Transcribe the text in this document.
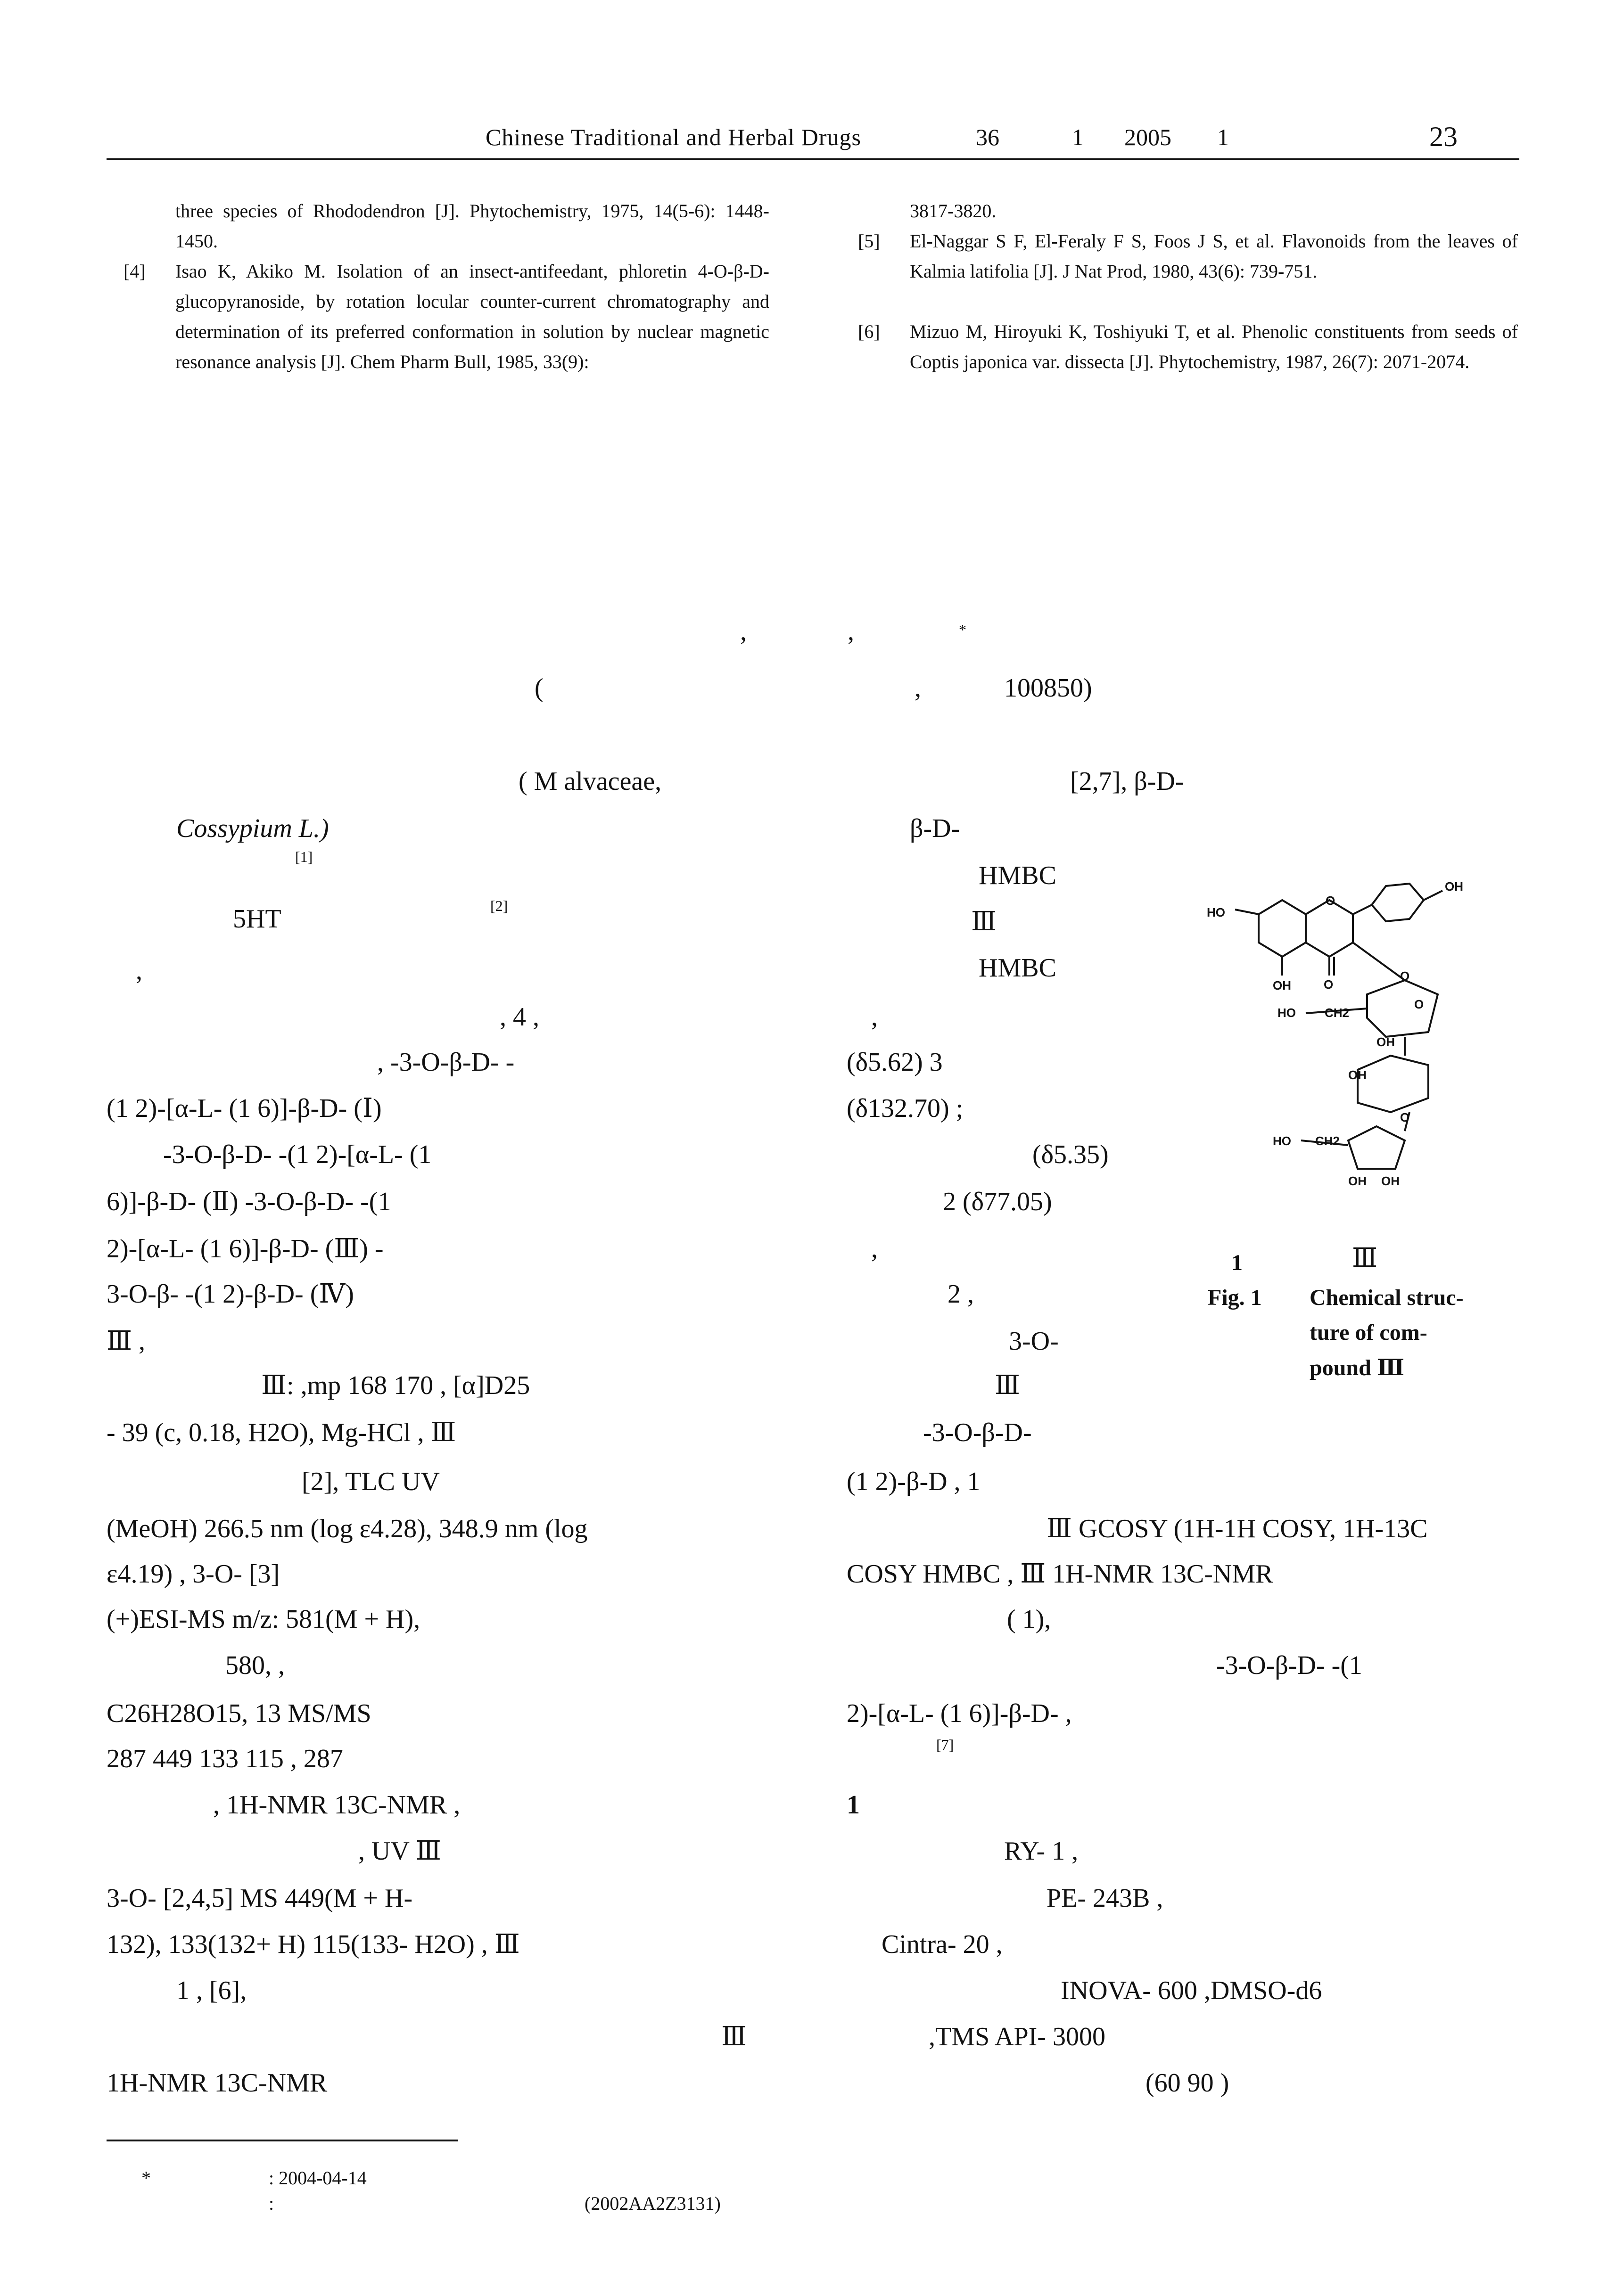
Chinese Traditional and Herbal Drugs	36	1 2005 1	23
three species of Rhododendron [J]. Phytochemistry, 1975, 14(5-6): 1448-1450.
[4] Isao K, Akiko M. Isolation of an insect-antifeedant, phloretin 4-O-β-D-glucopyranoside, by rotation locular counter-current chromatography and determination of its preferred conformation in solution by nuclear magnetic resonance analysis [J]. Chem Pharm Bull, 1985, 33(9):
3817-3820.
[5] El-Naggar S F, El-Feraly F S, Foos J S, et al. Flavonoids from the leaves of Kalmia latifolia [J]. J Nat Prod, 1980, 43(6): 739-751.
[6] Mizuo M, Hiroyuki K, Toshiyuki T, et al. Phenolic constituents from seeds of Coptis japonica var. dissecta [J]. Phytochemistry, 1987, 26(7): 2071-2074.
,	,	*
(	,	100850)
( M alvaceae,
Cossypium L.)
[1]
5HT	[2]
,
, 4 ,
, -3-O-β-D- -
(1 2)-[α-L- (1 6)]-β-D- (Ⅰ)
-3-O-β-D- -(1 2)-[α-L- (1
6)]-β-D- (Ⅱ) -3-O-β-D- -(1
2)-[α-L- (1 6)]-β-D- (Ⅲ) -
3-O-β- -(1 2)-β-D- (Ⅳ)
Ⅲ ,
Ⅲ: ,mp 168 170 , [α]D25
- 39 (c, 0.18, H2O), Mg-HCl , Ⅲ
[2], TLC UV
(MeOH) 266.5 nm (log ε4.28), 348.9 nm (log
ε4.19) , 3-O- [3]
(+)ESI-MS m/z: 581(M + H),
580, ,
C26H28O15, 13 MS/MS
287 449 133 115 , 287
, 1H-NMR 13C-NMR ,
, UV Ⅲ
3-O- [2,4,5] MS 449(M + H-
132), 133(132+ H) 115(133- H2O) , Ⅲ
1 , [6],
Ⅲ
1H-NMR 13C-NMR
[2,7], β-D-
β-D-
HMBC
Ⅲ
HMBC
,
(δ5.62) 3
(δ132.70) ;
(δ5.35)
2 (δ77.05)
,
2 ,
3-O-
Ⅲ
-3-O-β-D-
(1 2)-β-D , 1
Ⅲ GCOSY (1H-1H COSY, 1H-13C
COSY HMBC , Ⅲ 1H-NMR 13C-NMR
( 1),
-3-O-β-D- -(1
2)-[α-L- (1 6)]-β-D- ,
[7]
1
RY- 1 ,
PE- 243B ,
Cintra- 20 ,
INOVA- 600 ,DMSO-d6
,TMS API- 3000
(60 90 )
HO
OH
OH
O
O
O
HO CH2
OH
OH
O
O
HO CH2
OH OH
1	Ⅲ
Fig. 1 Chemical struc-
ture of com-
pound Ⅲ
*	: 2004-04-14
:	(2002AA2Z3131)
